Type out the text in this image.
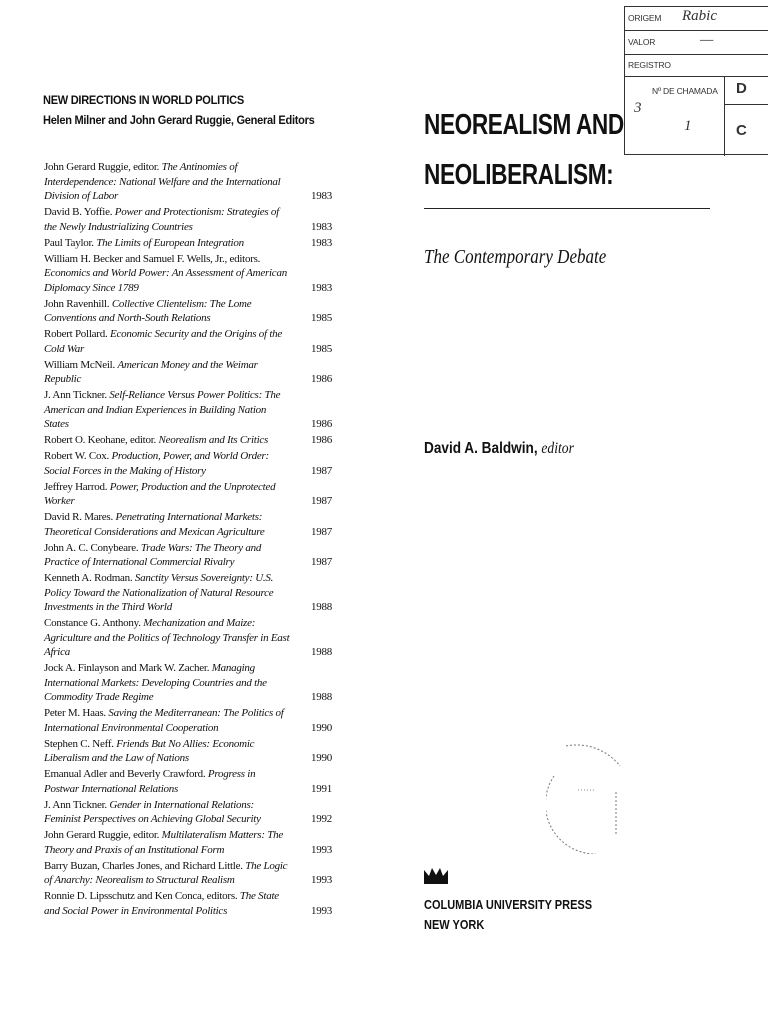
NEW DIRECTIONS IN WORLD POLITICS
Helen Milner and John Gerard Ruggie, General Editors
John Gerard Ruggie, editor. The Antinomies of Interdependence: National Welfare and the International Division of Labor	1983
David B. Yoffie. Power and Protectionism: Strategies of the Newly Industrializing Countries	1983
Paul Taylor. The Limits of European Integration	1983
William H. Becker and Samuel F. Wells, Jr., editors. Economics and World Power: An Assessment of American Diplomacy Since 1789	1983
John Ravenhill. Collective Clientelism: The Lome Conventions and North-South Relations	1985
Robert Pollard. Economic Security and the Origins of the Cold War	1985
William McNeil. American Money and the Weimar Republic	1986
J. Ann Tickner. Self-Reliance Versus Power Politics: The American and Indian Experiences in Building Nation States	1986
Robert O. Keohane, editor. Neorealism and Its Critics	1986
Robert W. Cox. Production, Power, and World Order: Social Forces in the Making of History	1987
Jeffrey Harrod. Power, Production and the Unprotected Worker	1987
David R. Mares. Penetrating International Markets: Theoretical Considerations and Mexican Agriculture	1987
John A. C. Conybeare. Trade Wars: The Theory and Practice of International Commercial Rivalry	1987
Kenneth A. Rodman. Sanctity Versus Sovereignty: U.S. Policy Toward the Nationalization of Natural Resource Investments in the Third World	1988
Constance G. Anthony. Mechanization and Maize: Agriculture and the Politics of Technology Transfer in East Africa	1988
Jock A. Finlayson and Mark W. Zacher. Managing International Markets: Developing Countries and the Commodity Trade Regime	1988
Peter M. Haas. Saving the Mediterranean: The Politics of International Environmental Cooperation	1990
Stephen C. Neff. Friends But No Allies: Economic Liberalism and the Law of Nations	1990
Emanual Adler and Beverly Crawford. Progress in Postwar International Relations	1991
J. Ann Tickner. Gender in International Relations: Feminist Perspectives on Achieving Global Security	1992
John Gerard Ruggie, editor. Multilateralism Matters: The Theory and Praxis of an Institutional Form	1993
Barry Buzan, Charles Jones, and Richard Little. The Logic of Anarchy: Neorealism to Structural Realism	1993
Ronnie D. Lipsschutz and Ken Conca, editors. The State and Social Power in Environmental Politics	1993
NEOREALISM AND
NEOLIBERALISM:
The Contemporary Debate
David A. Baldwin, editor
COLUMBIA UNIVERSITY PRESS
NEW YORK
ORIGEM Rabic
VALOR	—
REGISTRO
Nº DE CHAMADA
3
1
D
C
